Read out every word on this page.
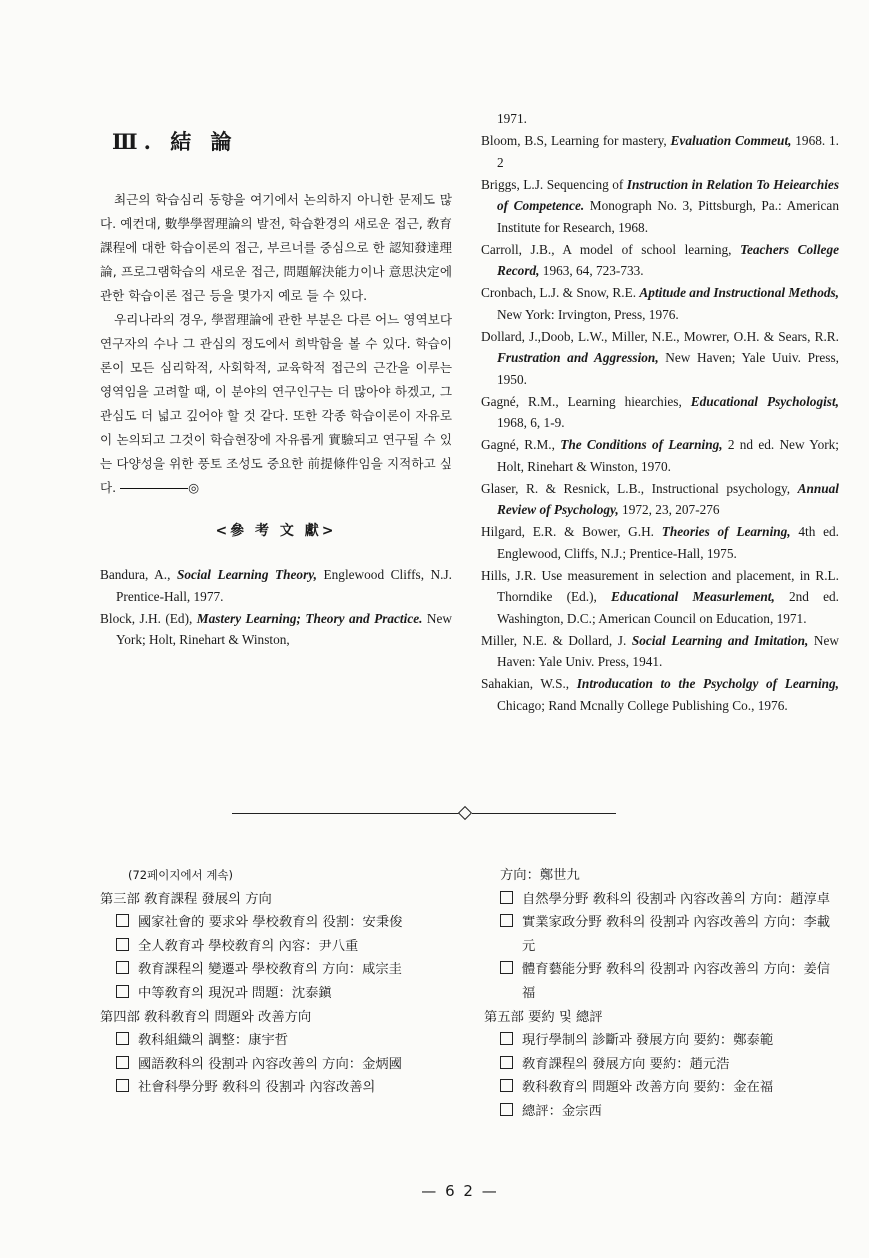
Ⅲ. 結 論

최근의 학습심리 동향을 여기에서 논의하지 아니한 문제도 많다. 예컨대, 數學學習理論의 발전, 학습환경의 새로운 접근, 敎育課程에 대한 학습이론의 접근, 부르너를 중심으로 한 認知發達理論, 프로그램학습의 새로운 접근, 問題解決能力이나 意思決定에 관한 학습이론 접근 등을 몇가지 예로 들 수 있다.

우리나라의 경우, 學習理論에 관한 부분은 다른 어느 영역보다 연구자의 수나 그 관심의 정도에서 희박함을 볼 수 있다. 학습이론이 모든 심리학적, 사회학적, 교육학적 접근의 근간을 이루는 영역임을 고려할 때, 이 분야의 연구인구는 더 많아야 하겠고, 그 관심도 더 넓고 깊어야 할 것 같다. 또한 각종 학습이론이 자유로이 논의되고 그것이 학습현장에 자유롭게 實驗되고 연구될 수 있는 다양성을 위한 풍토 조성도 중요한 前提條件임을 지적하고 싶다.	◎

<參 考 文 獻>
Bandura, A., Social Learning Theory, Englewood Cliffs, N.J. Prentice-Hall, 1977.
Block, J.H. (Ed), Mastery Learning; Theory and Practice. New York; Holt, Rinehart & Winston,
1971.
Bloom, B.S, Learning for mastery, Evaluation Commeut, 1968. 1. 2
Briggs, L.J. Sequencing of Instruction in Relation To Heiearchies of Competence. Monograph No. 3, Pittsburgh, Pa.: American Institute for Research, 1968.
Carroll, J.B., A model of school learning, Teachers College Record, 1963, 64, 723-733.
Cronbach, L.J. & Snow, R.E. Aptitude and Instructional Methods, New York: Irvington, Press, 1976.
Dollard, J.,Doob, L.W., Miller, N.E., Mowrer, O.H. & Sears, R.R. Frustration and Aggression, New Haven; Yale Uuiv. Press, 1950.
Gagné, R.M., Learning hiearchies, Educational Psychologist, 1968, 6, 1-9.
Gagné, R.M., The Conditions of Learning, 2 nd ed. New York; Holt, Rinehart & Winston, 1970.
Glaser, R. & Resnick, L.B., Instructional psychology, Annual Review of Psychology, 1972, 23, 207-276
Hilgard, E.R. & Bower, G.H. Theories of Learning, 4th ed. Englewood, Cliffs, N.J.; Prentice-Hall, 1975.
Hills, J.R. Use measurement in selection and placement, in R.L. Thorndike (Ed.), Educational Measurlement, 2nd ed. Washington, D.C.; American Council on Education, 1971.
Miller, N.E. & Dollard, J. Social Learning and Imitation, New Haven: Yale Univ. Press, 1941.
Sahakian, W.S., Introducation to the Psycholgy of Learning, Chicago; Rand Mcnally College Publishing Co., 1976.
(72페이지에서 계속)
第三部 敎育課程 發展의 方向
國家社會的 要求와 學校敎育의 役割：安秉俊
全人敎育과 學校敎育의 內容：尹八重
敎育課程의 變遷과 學校敎育의 方向：咸宗圭
中等敎育의 現況과 問題：沈泰鎭
第四部 敎科敎育의 問題와 改善方向
敎科組織의 調整：康宇哲
國語敎科의 役割과 內容改善의 方向：金炳國
社會科學分野 敎科의 役割과 內容改善의
方向：鄭世九
自然學分野 敎科의 役割과 內容改善의 方向：趙淳卓
實業家政分野 敎科의 役割과 內容改善의 方向：李載元
體育藝能分野 敎科의 役割과 內容改善의 方向：姜信福
第五部 要約 및 總評
現行學制의 診斷과 發展方向 要約：鄭泰範
敎育課程의 發展方向 要約：趙元浩
敎科敎育의 問題와 改善方向 要約：金在福
總評：金宗西
— 6 2 —
